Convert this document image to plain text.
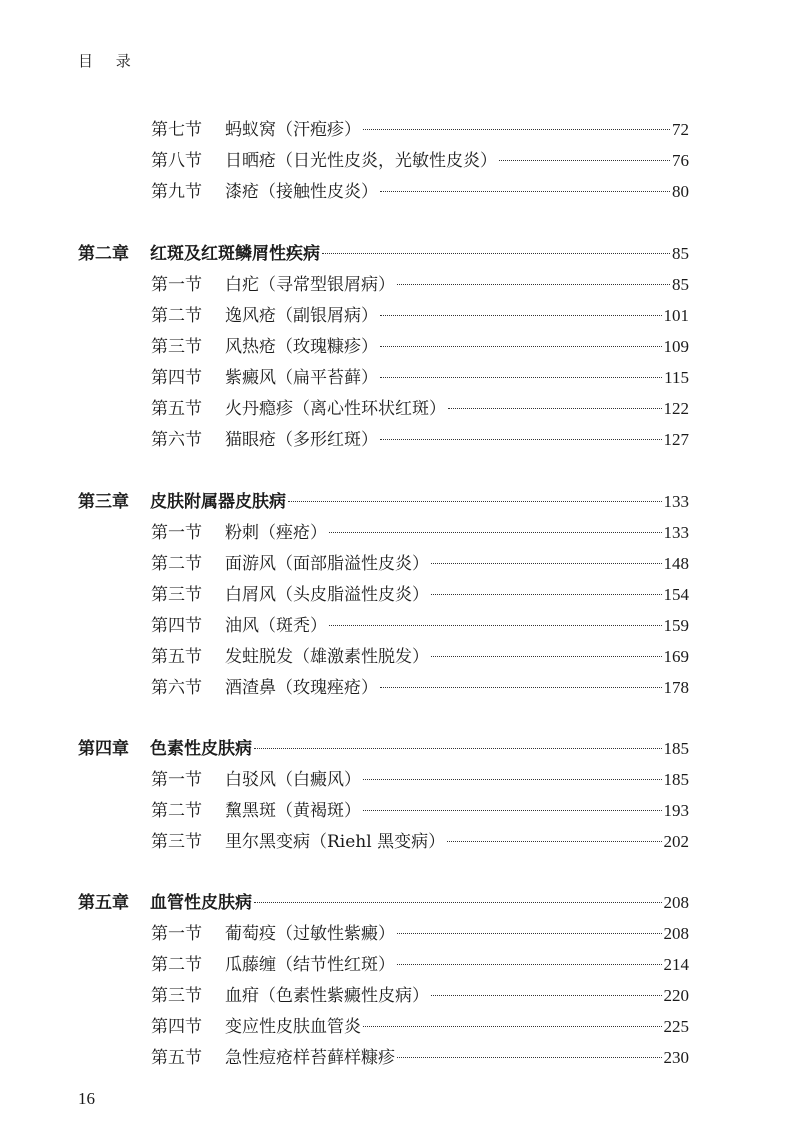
目 录
第七节	蚂蚁窝（汗疱疹）	72
第八节	日晒疮（日光性皮炎，光敏性皮炎）	76
第九节	漆疮（接触性皮炎）	80
第二章	红斑及红斑鳞屑性疾病	85
第一节	白疕（寻常型银屑病）	85
第二节	逸风疮（副银屑病）	101
第三节	风热疮（玫瑰糠疹）	109
第四节	紫癜风（扁平苔藓）	115
第五节	火丹瘾疹（离心性环状红斑）	122
第六节	猫眼疮（多形红斑）	127
第三章	皮肤附属器皮肤病	133
第一节	粉刺（痤疮）	133
第二节	面游风（面部脂溢性皮炎）	148
第三节	白屑风（头皮脂溢性皮炎）	154
第四节	油风（斑秃）	159
第五节	发蛀脱发（雄激素性脱发）	169
第六节	酒渣鼻（玫瑰痤疮）	178
第四章	色素性皮肤病	185
第一节	白驳风（白癜风）	185
第二节	黧黑斑（黄褐斑）	193
第三节	里尔黑变病（Riehl 黑变病）	202
第五章	血管性皮肤病	208
第一节	葡萄疫（过敏性紫癜）	208
第二节	瓜藤缠（结节性红斑）	214
第三节	血疳（色素性紫癜性皮病）	220
第四节	变应性皮肤血管炎	225
第五节	急性痘疮样苔藓样糠疹	230
16
